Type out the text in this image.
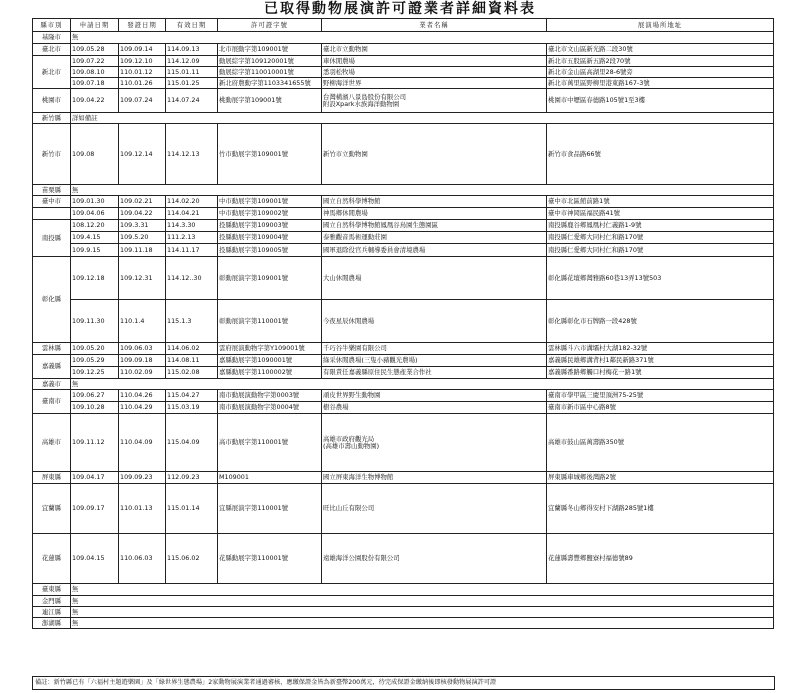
已取得動物展演許可證業者詳細資料表
縣市別	申請日期	發證日期	有效日期	許可證字號	業者名稱	展演場所地址
基隆市	無					
臺北市	109.05.28	109.09.14	114.09.13	北市展動字第109001號	臺北市立動物園	臺北市文山區新光路二段30號
新北市	109.07.22	109.12.10	114.12.09	動展綜字第109120001號	車休閒農場	新北市五股區新五路2段70號
	109.08.10	110.01.12	115.01.11	動展綜字第110010001號	悉羽松牧場	新北市金山區高湖里28-6號旁
	109.07.18	110.01.26	115.01.25	新北府農動字第1103341655號	野柳海洋世界	新北市萬里區野柳里港東路167-3號
桃園市	109.04.22	109.07.24	114.07.24	桃動展字第109001號	台灣橫濱八景島股份有限公司
附設Xpark水族海洋動物園	桃園市中壢區春德路105號1至3樓
新竹縣	詳如備註					
新竹市	109.08	109.12.14	114.12.13	竹市動展字第109001號	新竹市立動物園	新竹市食品路66號
苗栗縣	無					
臺中市	109.01.30	109.02.21	114.02.20	中市動展字第109001號	國立自然科學博物館	臺中市北區館前路1號
	109.04.06	109.04.22	114.04.21	中市動展字第109002號	神馬鄉休閒農場	臺中市神岡區福民路41號
南投縣	108.12.20	109.3.31	114.3.30	投縣動展字第109003號	國立自然科學博物館鳳凰谷鳥園生態園區	南投縣鹿谷鄉鳳凰村仁義路1-9號
	109.4.15	109.5.20	111.2.13	投縣動展字第109004號	泰雅觀音馬術運動莊園	南投縣仁愛鄉大同村仁和路170號
	109.9.15	109.11.18	114.11.17	投縣動展字第109005號	國軍退除役官兵輔導委員會清境農場	南投縣仁愛鄉大同村仁和路170號
彰化縣	109.12.18	109.12.31	114.12..30	彰動展演字第109001號	大山休閒農場	彰化縣花壇鄉灣雅路60巷13弄13號503
	109.11.30	110.1.4	115.1.3	彰動展演字第110001號	今夜星辰休閒農場	彰化縣彰化市石牌路一段428號
雲林縣	109.05.20	109.06.03	114.06.02	雲府展演動物字第Y109001號	千巧谷牛樂園有限公司	雲林縣斗六市溝壩村大湖182-32號
嘉義縣	109.05.29	109.09.18	114.08.11	嘉縣動展字第1090001號	綠采休閒農場(三隻小豬觀光農場)	嘉義縣民雄鄉溝背村1鄰民新路371號
	109.12.25	110.02.09	115.02.08	嘉縣動展字第1100002號	有限責任嘉義縣原住民生態產業合作社	嘉義縣番路鄉觸口村梅花一路1號
嘉義市	無					
臺南市	109.06.27	110.04.26	115.04.27	南市動展演動物字第0003號	頑皮世界野生動物園	臺南市學甲區三慶里頂洲75-25號
	109.10.28	110.04.29	115.03.19	南市動展演動物字第0004號	樹谷農場	臺南市新市區中心路8號
高雄市	109.11.12	110.04.09	115.04.09	高市動展字第110001號	高雄市政府觀光局
(高雄市壽山動物園)	高雄市鼓山區萬壽路350號
屏東縣	109.04.17	109.09.23	112.09.23	M109001	國立屏東海洋生物博物館	屏東縣車城鄉後灣路2號
宜蘭縣	109.09.17	110.01.13	115.01.14	宜縣展演字第110001號	旺比山丘有限公司	宜蘭縣冬山鄉得安村下湖路285號1樓
花蓮縣	109.04.15	110.06.03	115.06.02	花縣動展字第110001號	遠雄海洋公園股份有限公司	花蓮縣壽豐鄉鹽寮村福德號89
臺東縣	無					
金門縣	無					
連江縣	無					
澎湖縣	無					
備註：新竹縣已有「六福村主題遊樂園」及「綠世界生態農場」2家動物展演業者通過審核，應繳保證金皆為新臺幣200萬元，待完成保證金繳納後即核發動物展演許可證
